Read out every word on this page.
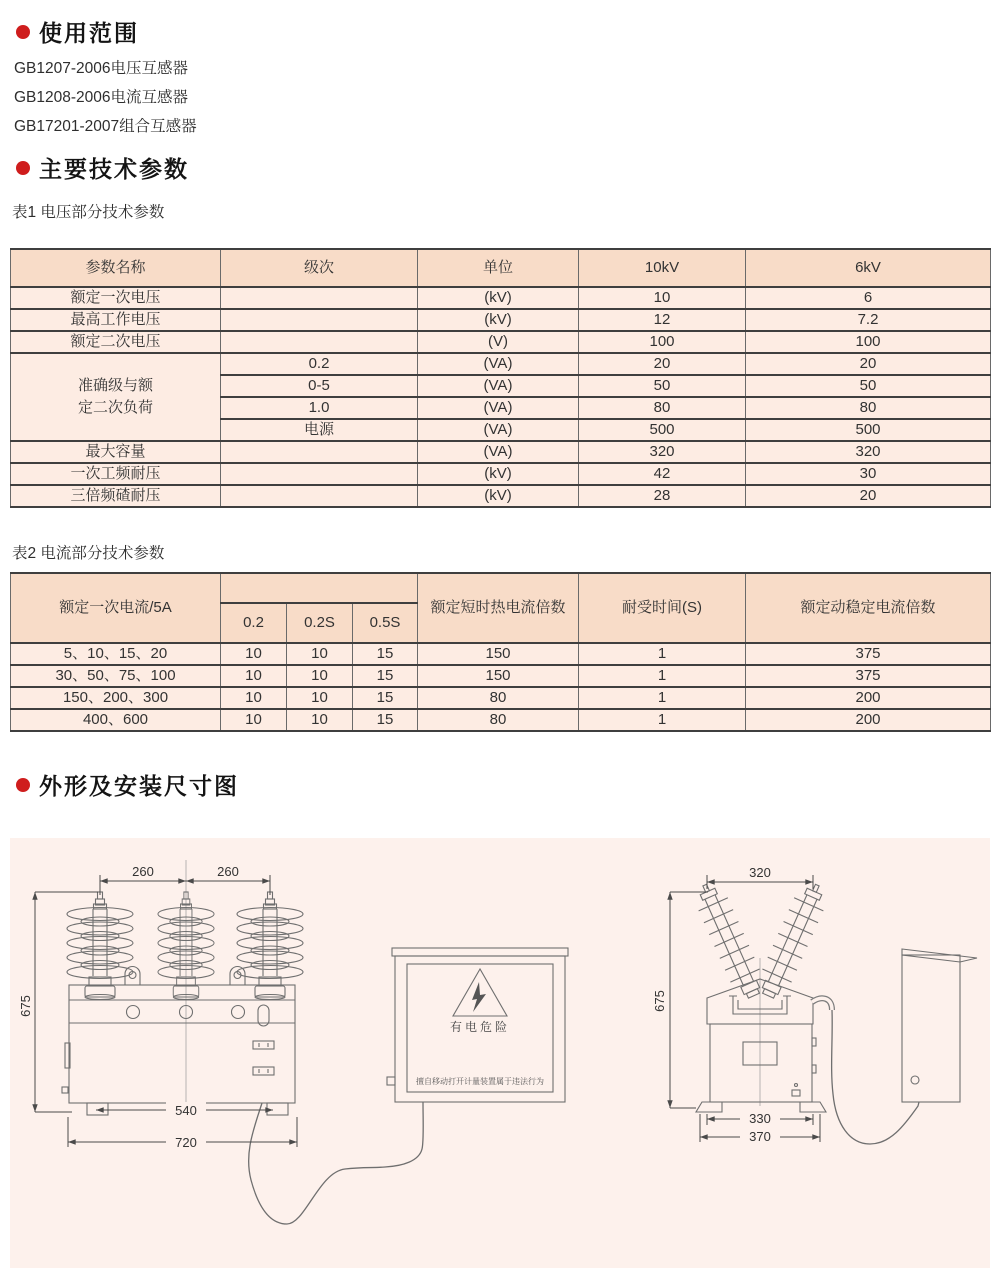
使用范围
GB1207-2006电压互感器
GB1208-2006电流互感器
GB17201-2007组合互感器
主要技术参数
表1 电压部分技术参数
参数名称	级次	单位	10kV	6kV
额定一次电压		(kV)	10	6
最高工作电压		(kV)	12	7.2
额定二次电压		(V)	100	100

准确级与额
定二次负荷	0.2	(VA)	20	20
	0-5	(VA)	50	50
	1.0	(VA)	80	80
	电源	(VA)	500	500
最大容量		(VA)	320	320
一次工频耐压		(kV)	42	30
三倍频碴耐压		(kV)	28	20
表2 电流部分技术参数
额定一次电流/5A				额定短时热电流倍数	耐受时间(S)	额定动稳定电流倍数
	0.2	0.2S	0.5S			
5、10、15、20	10	10	15	150	1	375
30、50、75、100	10	10	15	150	1	375
150、200、300	10	10	15	80	1	200
400、600	10	10	15	80	1	200
外形及安装尺寸图
260	260
675
540
720
有电危险
擅自移动打开计量装置属于违法行为
320
675
330
370
